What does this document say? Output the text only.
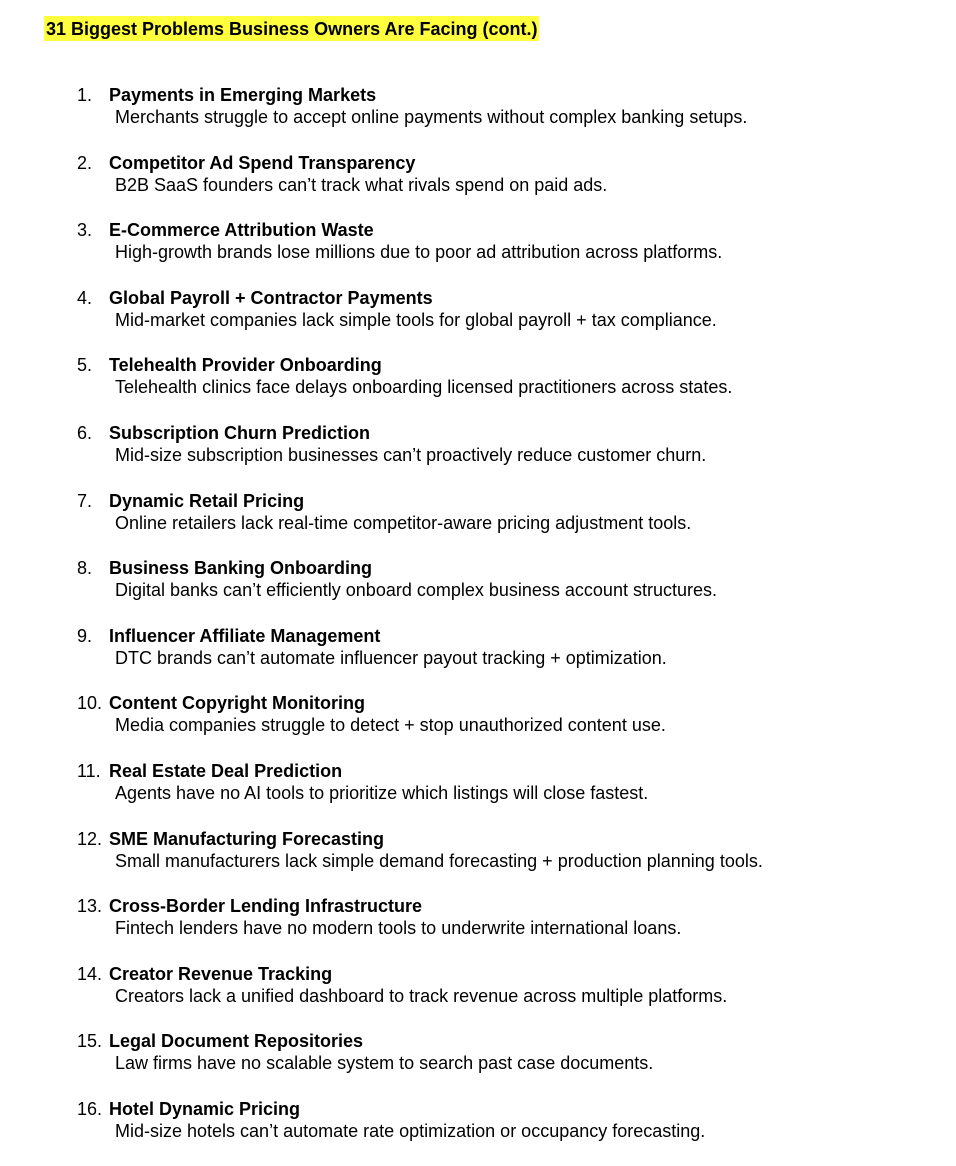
31 Biggest Problems Business Owners Are Facing (cont.)
1. Payments in Emerging Markets
Merchants struggle to accept online payments without complex banking setups.
2. Competitor Ad Spend Transparency
B2B SaaS founders can’t track what rivals spend on paid ads.
3. E-Commerce Attribution Waste
High-growth brands lose millions due to poor ad attribution across platforms.
4. Global Payroll + Contractor Payments
Mid-market companies lack simple tools for global payroll + tax compliance.
5. Telehealth Provider Onboarding
Telehealth clinics face delays onboarding licensed practitioners across states.
6. Subscription Churn Prediction
Mid-size subscription businesses can’t proactively reduce customer churn.
7. Dynamic Retail Pricing
Online retailers lack real-time competitor-aware pricing adjustment tools.
8. Business Banking Onboarding
Digital banks can’t efficiently onboard complex business account structures.
9. Influencer Affiliate Management
DTC brands can’t automate influencer payout tracking + optimization.
10. Content Copyright Monitoring
Media companies struggle to detect + stop unauthorized content use.
11. Real Estate Deal Prediction
Agents have no AI tools to prioritize which listings will close fastest.
12. SME Manufacturing Forecasting
Small manufacturers lack simple demand forecasting + production planning tools.
13. Cross-Border Lending Infrastructure
Fintech lenders have no modern tools to underwrite international loans.
14. Creator Revenue Tracking
Creators lack a unified dashboard to track revenue across multiple platforms.
15. Legal Document Repositories
Law firms have no scalable system to search past case documents.
16. Hotel Dynamic Pricing
Mid-size hotels can’t automate rate optimization or occupancy forecasting.
